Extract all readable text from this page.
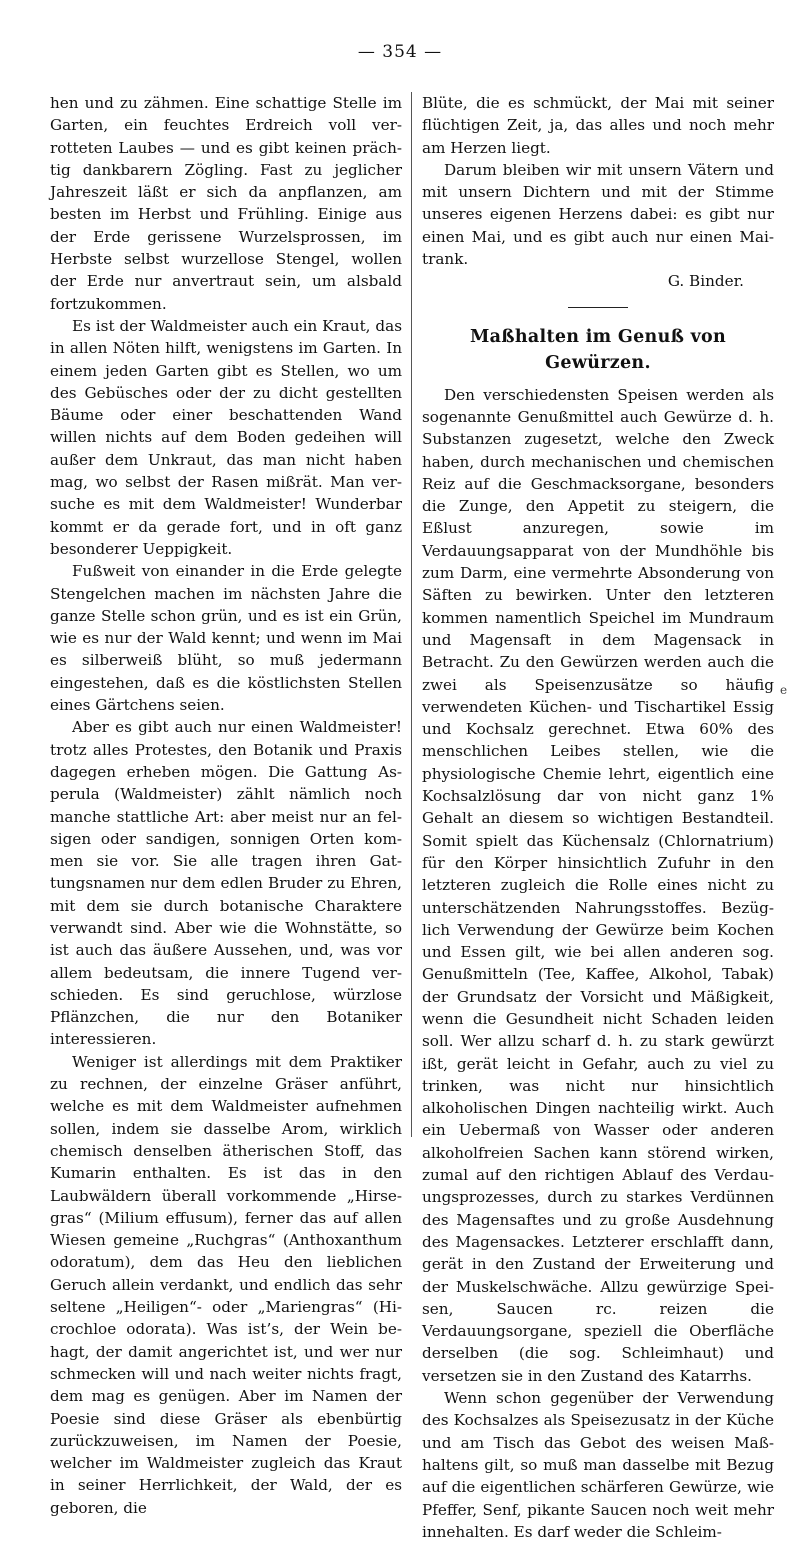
— 354 —

hen und zu zähmen. Eine schattige Stelle im Garten, ein feuchtes Erdreich voll verrotteten Laubes — und es gibt keinen prächtig dankbarern Zögling. Fast zu jeglicher Jahreszeit läßt er sich da anpflanzen, am besten im Herbst und Frühling. Einige aus der Erde gerissene Wurzelsprossen, im Herbste selbst wurzellose Stengel, wollen der Erde nur anvertraut sein, um alsbald fortzukommen.

Es ist der Waldmeister auch ein Kraut, das in allen Nöten hilft, wenigstens im Garten. In einem jeden Garten gibt es Stellen, wo um des Gebüsches oder der zu dicht gestellten Bäume oder einer beschattenden Wand willen nichts auf dem Boden gedeihen will außer dem Unkraut, das man nicht haben mag, wo selbst der Rasen mißrät. Man versuche es mit dem Waldmeister! Wunderbar kommt er da gerade fort, und in oft ganz besonderer Ueppigkeit.

Fußweit von einander in die Erde gelegte Stengelchen machen im nächsten Jahre die ganze Stelle schon grün, und es ist ein Grün, wie es nur der Wald kennt; und wenn im Mai es silberweiß blüht, so muß jedermann eingestehen, daß es die köstlichsten Stellen eines Gärtchens seien.

Aber es gibt auch nur einen Waldmeister! trotz alles Protestes, den Botanik und Praxis dagegen erheben mögen. Die Gattung Asperula (Waldmeister) zählt nämlich noch manche stattliche Art: aber meist nur an felsigen oder sandigen, sonnigen Orten kommen sie vor. Sie alle tragen ihren Gattungsnamen nur dem edlen Bruder zu Ehren, mit dem sie durch botanische Charaktere verwandt sind. Aber wie die Wohnstätte, so ist auch das äußere Aussehen, und, was vor allem bedeutsam, die innere Tugend verschieden. Es sind geruchlose, würzlose Pflänzchen, die nur den Botaniker interessieren.

Weniger ist allerdings mit dem Praktiker zu rechnen, der einzelne Gräser anführt, welche es mit dem Waldmeister aufnehmen sollen, indem sie dasselbe Arom, wirklich chemisch denselben ätherischen Stoff, das Kumarin enthalten. Es ist das in den Laubwäldern überall vorkommende „Hirsegras“ (Milium effusum), ferner das auf allen Wiesen gemeine „Ruchgras“ (Anthoxanthum odoratum), dem das Heu den lieblichen Geruch allein verdankt, und endlich das sehr seltene „Heiligen“- oder „Mariengras“ (Hicrochloe odorata). Was ist’s, der Wein behagt, der damit angerichtet ist, und wer nur schmecken will und nach weiter nichts fragt, dem mag es genügen. Aber im Namen der Poesie sind diese Gräser als ebenbürtig zurückzuweisen, im Namen der Poesie, welcher im Waldmeister zugleich das Kraut in seiner Herrlichkeit, der Wald, der es geboren, die

Blüte, die es schmückt, der Mai mit seiner flüchtigen Zeit, ja, das alles und noch mehr am Herzen liegt.

Darum bleiben wir mit unsern Vätern und mit unsern Dichtern und mit der Stimme unseres eigenen Herzens dabei: es gibt nur einen Mai, und es gibt auch nur einen Maitrank.

G. Binder.
Maßhalten im Genuß von Gewürzen.

Den verschiedensten Speisen werden als sogenannte Genußmittel auch Gewürze d. h. Substanzen zugesetzt, welche den Zweck haben, durch mechanischen und chemischen Reiz auf die Geschmacksorgane, besonders die Zunge, den Appetit zu steigern, die Eßlust anzuregen, sowie im Verdauungsapparat von der Mundhöhle bis zum Darm, eine vermehrte Absonderung von Säften zu bewirken. Unter den letzteren kommen namentlich Speichel im Mundraum und Magensaft in dem Magensack in Betracht. Zu den Gewürzen werden auch die zwei als Speisenzusätze so häufig verwendeten Küchen- und Tischartikel Essig und Kochsalz gerechnet. Etwa 60% des menschlichen Leibes stellen, wie die physiologische Chemie lehrt, eigentlich eine Kochsalzlösung dar von nicht ganz 1% Gehalt an diesem so wichtigen Bestandteil. Somit spielt das Küchensalz (Chlornatrium) für den Körper hinsichtlich Zufuhr in den letzteren zugleich die Rolle eines nicht zu unterschätzenden Nahrungsstoffes. Bezüglich Verwendung der Gewürze beim Kochen und Essen gilt, wie bei allen anderen sog. Genußmitteln (Tee, Kaffee, Alkohol, Tabak) der Grundsatz der Vorsicht und Mäßigkeit, wenn die Gesundheit nicht Schaden leiden soll. Wer allzu scharf d. h. zu stark gewürzt ißt, gerät leicht in Gefahr, auch zu viel zu trinken, was nicht nur hinsichtlich alkoholischen Dingen nachteilig wirkt. Auch ein Uebermaß von Wasser oder anderen alkoholfreien Sachen kann störend wirken, zumal auf den richtigen Ablauf des Verdauungsprozesses, durch zu starkes Verdünnen des Magensaftes und zu große Ausdehnung des Magensackes. Letzterer erschlafft dann, gerät in den Zustand der Erweiterung und der Muskelschwäche. Allzu gewürzige Speisen, Saucen rc. reizen die Verdauungsorgane, speziell die Oberfläche derselben (die sog. Schleimhaut) und versetzen sie in den Zustand des Katarrhs.

Wenn schon gegenüber der Verwendung des Kochsalzes als Speisezusatz in der Küche und am Tisch das Gebot des weisen Maßhaltens gilt, so muß man dasselbe mit Bezug auf die eigentlichen schärferen Gewürze, wie Pfeffer, Senf, pikante Saucen noch weit mehr innehalten. Es darf weder die Schleim-

e
